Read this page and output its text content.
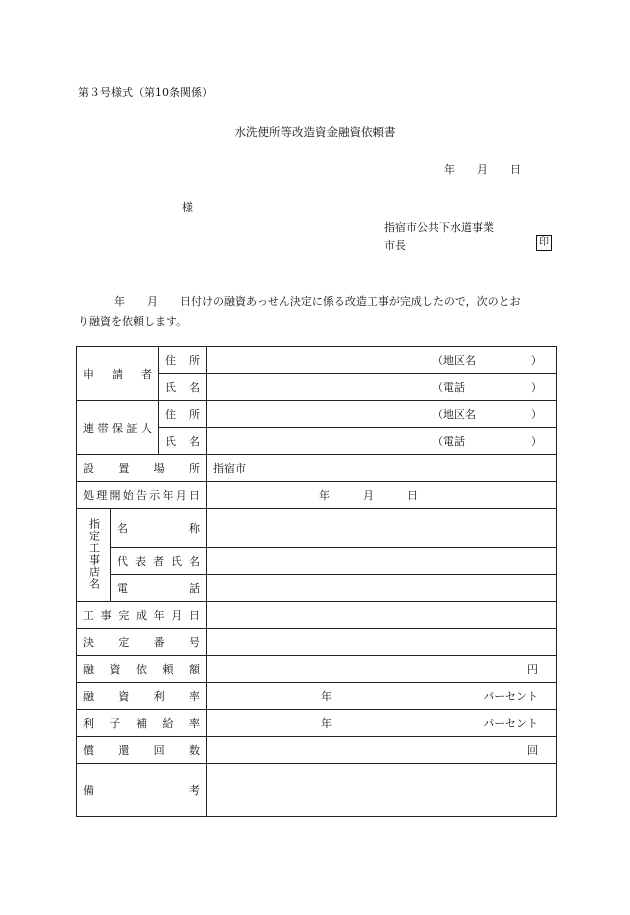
第３号様式（第10条関係）
水洗便所等改造資金融資依頼書
年　　月　　日
様
指宿市公共下水道事業
市長	印
年　　月　　日付けの融資あっせん決定に係る改造工事が完成したので，次のとお
り融資を依頼します。
申　請　者		住　所	（地区名　　　　　）

		氏　名	（電話　　　　　　）

連帯保証人		住　所	（地区名　　　　　）

		氏　名	（電話　　　　　　）

設　置　場　所			指宿市
処理開始告示年月日			年　　　月　　　日
指定工事店名	名　　　　称		
	代表者氏名		
	電　　　　話		
工事完成年月日			
決　定　番　号			
融資依頼額			円
融資利率			年 パーセント

利子補給率			年 パーセント

償　還　回　数			回
備　　　　　考			
